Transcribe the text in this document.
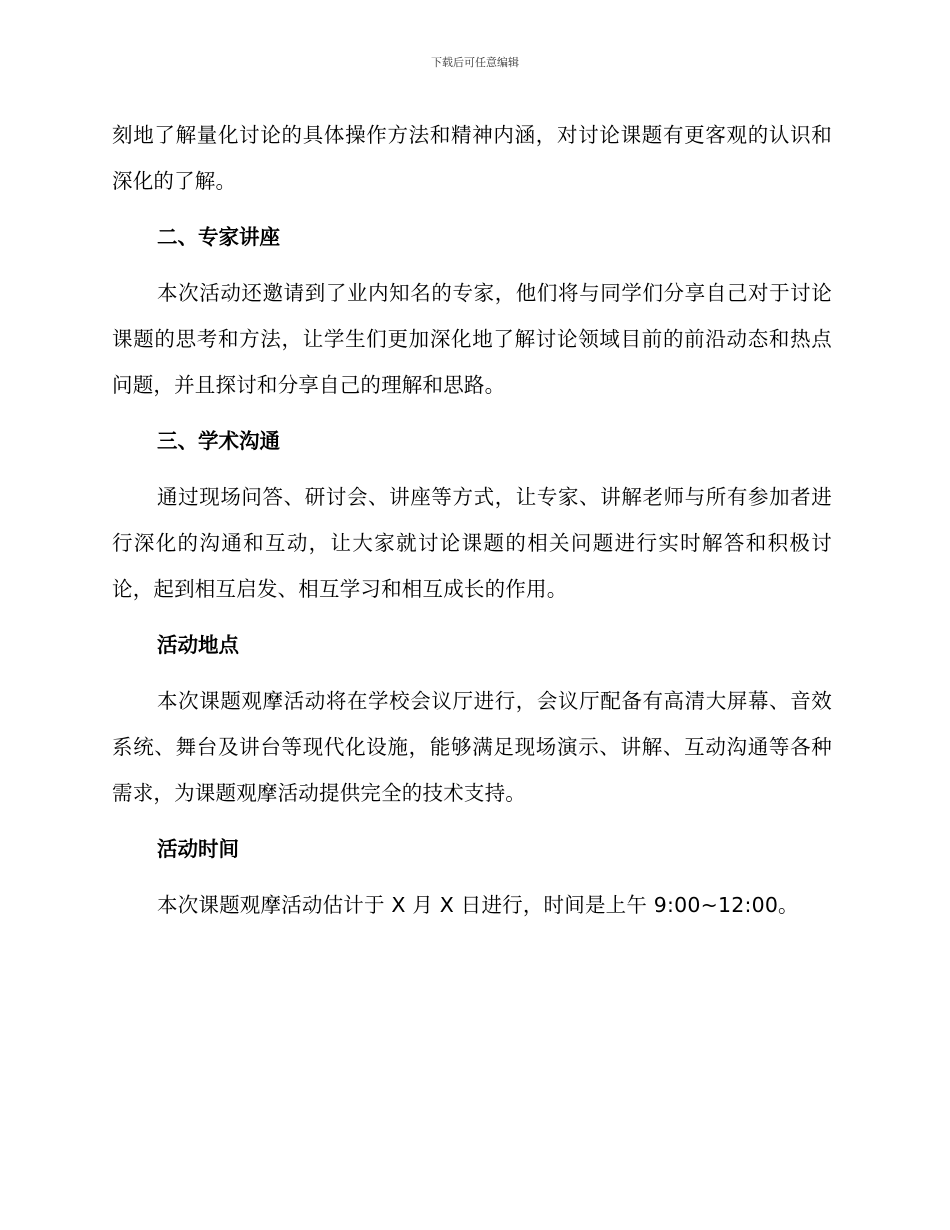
下载后可任意编辑

刻地了解量化讨论的具体操作方法和精神内涵，对讨论课题有更客观的认识和深化的了解。

二、专家讲座

本次活动还邀请到了业内知名的专家，他们将与同学们分享自己对于讨论课题的思考和方法，让学生们更加深化地了解讨论领域目前的前沿动态和热点问题，并且探讨和分享自己的理解和思路。

三、学术沟通

通过现场问答、研讨会、讲座等方式，让专家、讲解老师与所有参加者进行深化的沟通和互动，让大家就讨论课题的相关问题进行实时解答和积极讨论，起到相互启发、相互学习和相互成长的作用。

活动地点

本次课题观摩活动将在学校会议厅进行，会议厅配备有高清大屏幕、音效系统、舞台及讲台等现代化设施，能够满足现场演示、讲解、互动沟通等各种需求，为课题观摩活动提供完全的技术支持。

活动时间

本次课题观摩活动估计于 X 月 X 日进行，时间是上午 9:00~12:00。
